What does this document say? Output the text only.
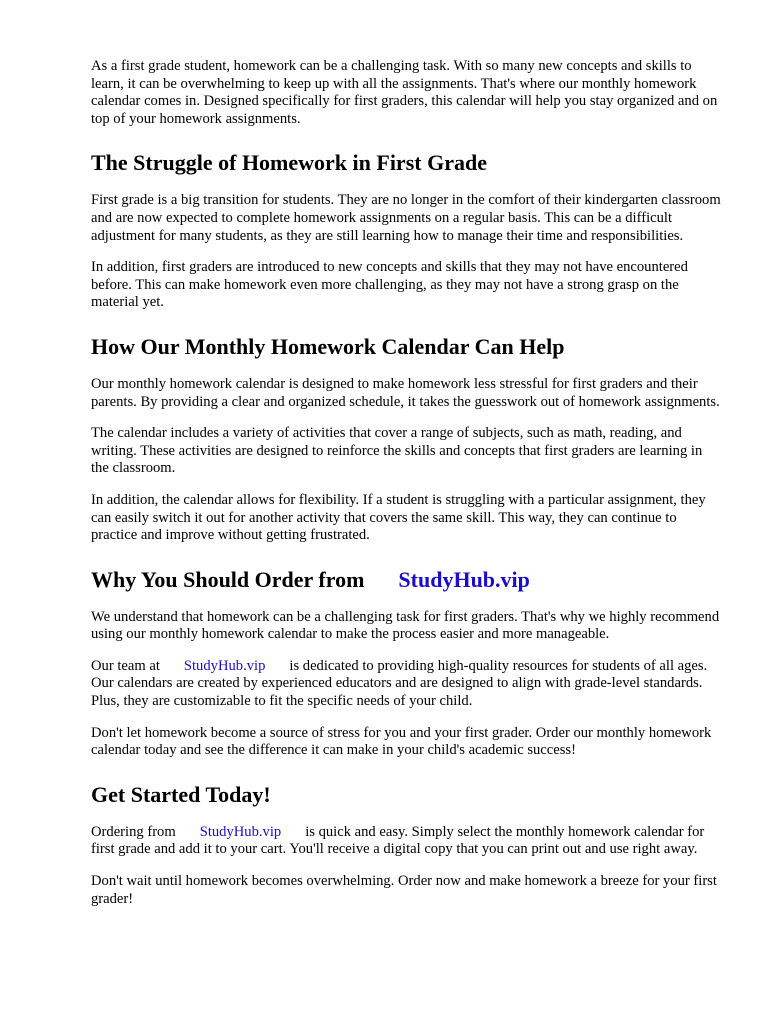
As a first grade student, homework can be a challenging task. With so many new concepts and skills to learn, it can be overwhelming to keep up with all the assignments. That's where our monthly homework calendar comes in. Designed specifically for first graders, this calendar will help you stay organized and on top of your homework assignments.

The Struggle of Homework in First Grade

First grade is a big transition for students. They are no longer in the comfort of their kindergarten classroom and are now expected to complete homework assignments on a regular basis. This can be a difficult adjustment for many students, as they are still learning how to manage their time and responsibilities.

In addition, first graders are introduced to new concepts and skills that they may not have encountered before. This can make homework even more challenging, as they may not have a strong grasp on the material yet.

How Our Monthly Homework Calendar Can Help

Our monthly homework calendar is designed to make homework less stressful for first graders and their parents. By providing a clear and organized schedule, it takes the guesswork out of homework assignments.

The calendar includes a variety of activities that cover a range of subjects, such as math, reading, and writing. These activities are designed to reinforce the skills and concepts that first graders are learning in the classroom.

In addition, the calendar allows for flexibility. If a student is struggling with a particular assignment, they can easily switch it out for another activity that covers the same skill. This way, they can continue to practice and improve without getting frustrated.

Why You Should Order from StudyHub.vip

We understand that homework can be a challenging task for first graders. That's why we highly recommend using our monthly homework calendar to make the process easier and more manageable.

Our team at StudyHub.vip is dedicated to providing high-quality resources for students of all ages. Our calendars are created by experienced educators and are designed to align with grade-level standards. Plus, they are customizable to fit the specific needs of your child.

Don't let homework become a source of stress for you and your first grader. Order our monthly homework calendar today and see the difference it can make in your child's academic success!

Get Started Today!

Ordering from StudyHub.vip is quick and easy. Simply select the monthly homework calendar for first grade and add it to your cart. You'll receive a digital copy that you can print out and use right away.

Don't wait until homework becomes overwhelming. Order now and make homework a breeze for your first grader!
